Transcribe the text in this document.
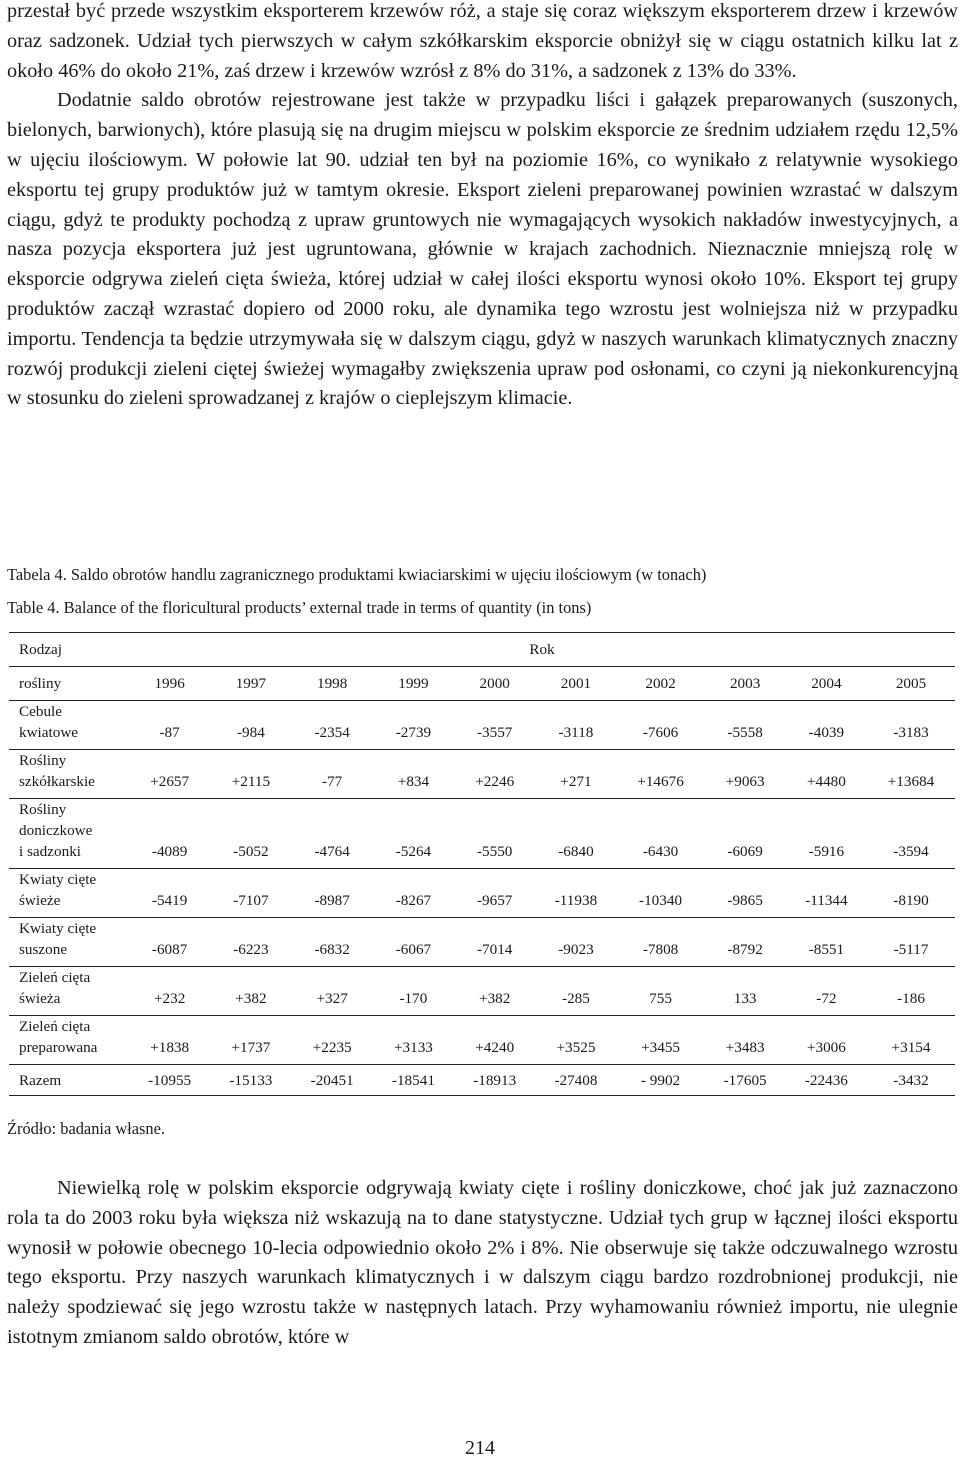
przestał być przede wszystkim eksporterem krzewów róż, a staje się coraz większym eksporterem drzew i krzewów oraz sadzonek. Udział tych pierwszych w całym szkółkarskim eksporcie obniżył się w ciągu ostatnich kilku lat z około 46% do około 21%, zaś drzew i krzewów wzrósł z 8% do 31%, a sadzonek z 13% do 33%.
Dodatnie saldo obrotów rejestrowane jest także w przypadku liści i gałązek preparowanych (suszonych, bielonych, barwionych), które plasują się na drugim miejscu w polskim eksporcie ze średnim udziałem rzędu 12,5% w ujęciu ilościowym. W połowie lat 90. udział ten był na poziomie 16%, co wynikało z relatywnie wysokiego eksportu tej grupy produktów już w tamtym okresie. Eksport zieleni preparowanej powinien wzrastać w dalszym ciągu, gdyż te produkty pochodzą z upraw gruntowych nie wymagających wysokich nakładów inwestycyjnych, a nasza pozycja eksportera już jest ugruntowana, głównie w krajach zachodnich. Nieznacznie mniejszą rolę w eksporcie odgrywa zieleń cięta świeża, której udział w całej ilości eksportu wynosi około 10%. Eksport tej grupy produktów zaczął wzrastać dopiero od 2000 roku, ale dynamika tego wzrostu jest wolniejsza niż w przypadku importu. Tendencja ta będzie utrzymywała się w dalszym ciągu, gdyż w naszych warunkach klimatycznych znaczny rozwój produkcji zieleni ciętej świeżej wymagałby zwiększenia upraw pod osłonami, co czyni ją niekonkurencyjną w stosunku do zieleni sprowadzanej z krajów o cieplejszym klimacie.

Tabela 4. Saldo obrotów handlu zagranicznego produktami kwiaciarskimi w ujęciu ilościowym (w tonach)

Table 4. Balance of the floricultural products’ external trade in terms of quantity (in tons)

Rodzaj	Rok									
rośliny	1996	1997	1998	1999	2000	2001	2002	2003	2004	2005

Cebule
kwiatowe	-87	-984	-2354	-2739	-3557	-3118	-7606	-5558	-4039	-3183

Rośliny
szkółkarskie	+2657	+2115	-77	+834	+2246	+271	+14676	+9063	+4480	+13684

Rośliny
doniczkowe
i sadzonki	-4089	-5052	-4764	-5264	-5550	-6840	-6430	-6069	-5916	-3594

Kwiaty cięte
świeże	-5419	-7107	-8987	-8267	-9657	-11938	-10340	-9865	-11344	-8190

Kwiaty cięte
suszone	-6087	-6223	-6832	-6067	-7014	-9023	-7808	-8792	-8551	-5117

Zieleń cięta
świeża	+232	+382	+327	-170	+382	-285	755	133	-72	-186

Zieleń cięta
preparowana	+1838	+1737	+2235	+3133	+4240	+3525	+3455	+3483	+3006	+3154
Razem	-10955	-15133	-20451	-18541	-18913	-27408	- 9902	-17605	-22436	-3432

Źródło: badania własne.

Niewielką rolę w polskim eksporcie odgrywają kwiaty cięte i rośliny doniczkowe, choć jak już zaznaczono rola ta do 2003 roku była większa niż wskazują na to dane statystyczne. Udział tych grup w łącznej ilości eksportu wynosił w połowie obecnego 10-lecia odpowiednio około 2% i 8%. Nie obserwuje się także odczuwalnego wzrostu tego eksportu. Przy naszych warunkach klimatycznych i w dalszym ciągu bardzo rozdrobnionej produkcji, nie należy spodziewać się jego wzrostu także w następnych latach. Przy wyhamowaniu również importu, nie ulegnie istotnym zmianom saldo obrotów, które w

214
